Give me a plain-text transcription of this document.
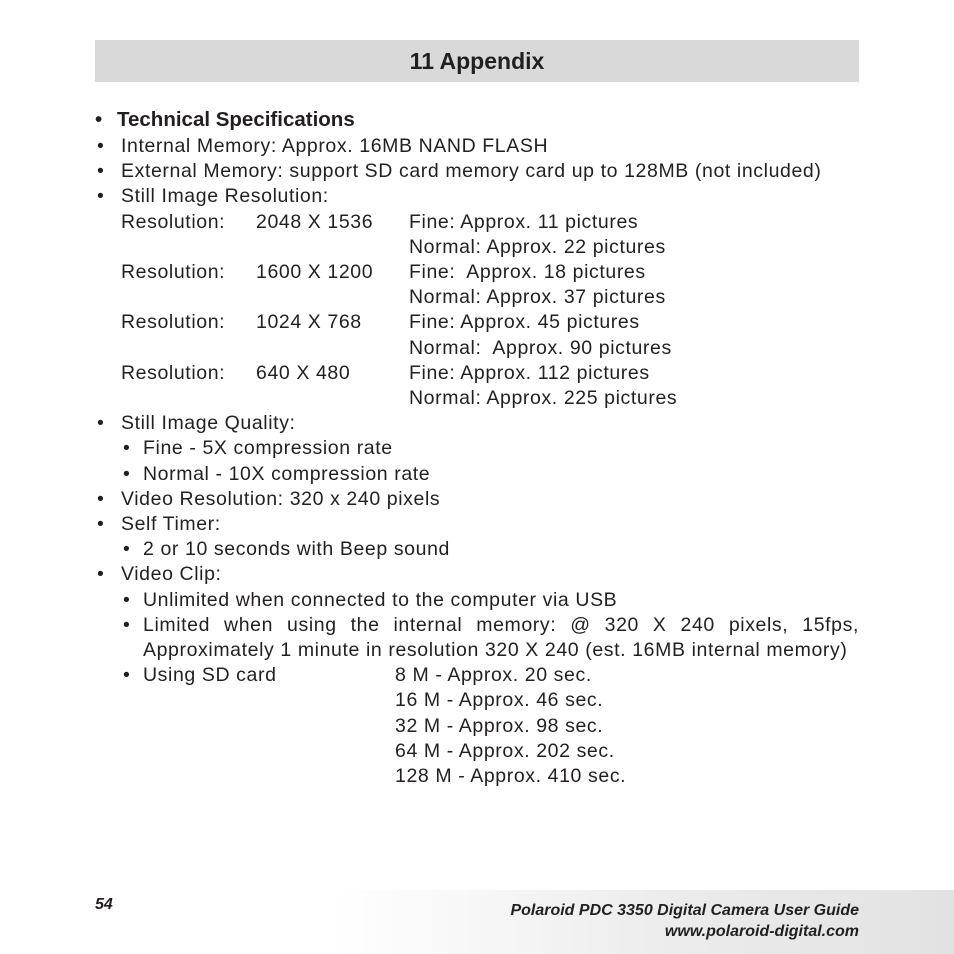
11 Appendix
• Technical Specifications
• Internal Memory: Approx. 16MB NAND FLASH
• External Memory: support SD card memory card up to 128MB (not included)
• Still Image Resolution:
Resolution: 2048 X 1536 Fine: Approx. 11 pictures
Normal: Approx. 22 pictures
Resolution: 1600 X 1200 Fine:  Approx. 18 pictures
Normal: Approx. 37 pictures
Resolution: 1024 X 768 Fine: Approx. 45 pictures
Normal:  Approx. 90 pictures
Resolution: 640 X 480	Fine: Approx. 112 pictures
Normal: Approx. 225 pictures
• Still Image Quality:
• Fine - 5X compression rate
• Normal - 10X compression rate
• Video Resolution: 320 x 240 pixels
• Self Timer:
• 2 or 10 seconds with Beep sound
• Video Clip:
• Unlimited when connected to the computer via USB
• Limited when using the internal memory: @ 320 X 240 pixels, 15fps, Approximately 1 minute in resolution 320 X 240 (est. 16MB internal memory)
• Using SD card	8 M - Approx. 20 sec.
16 M - Approx. 46 sec.
32 M - Approx. 98 sec.
64 M - Approx. 202 sec.
128 M - Approx. 410 sec.
54	Polaroid PDC 3350 Digital Camera User Guide
www.polaroid-digital.com
